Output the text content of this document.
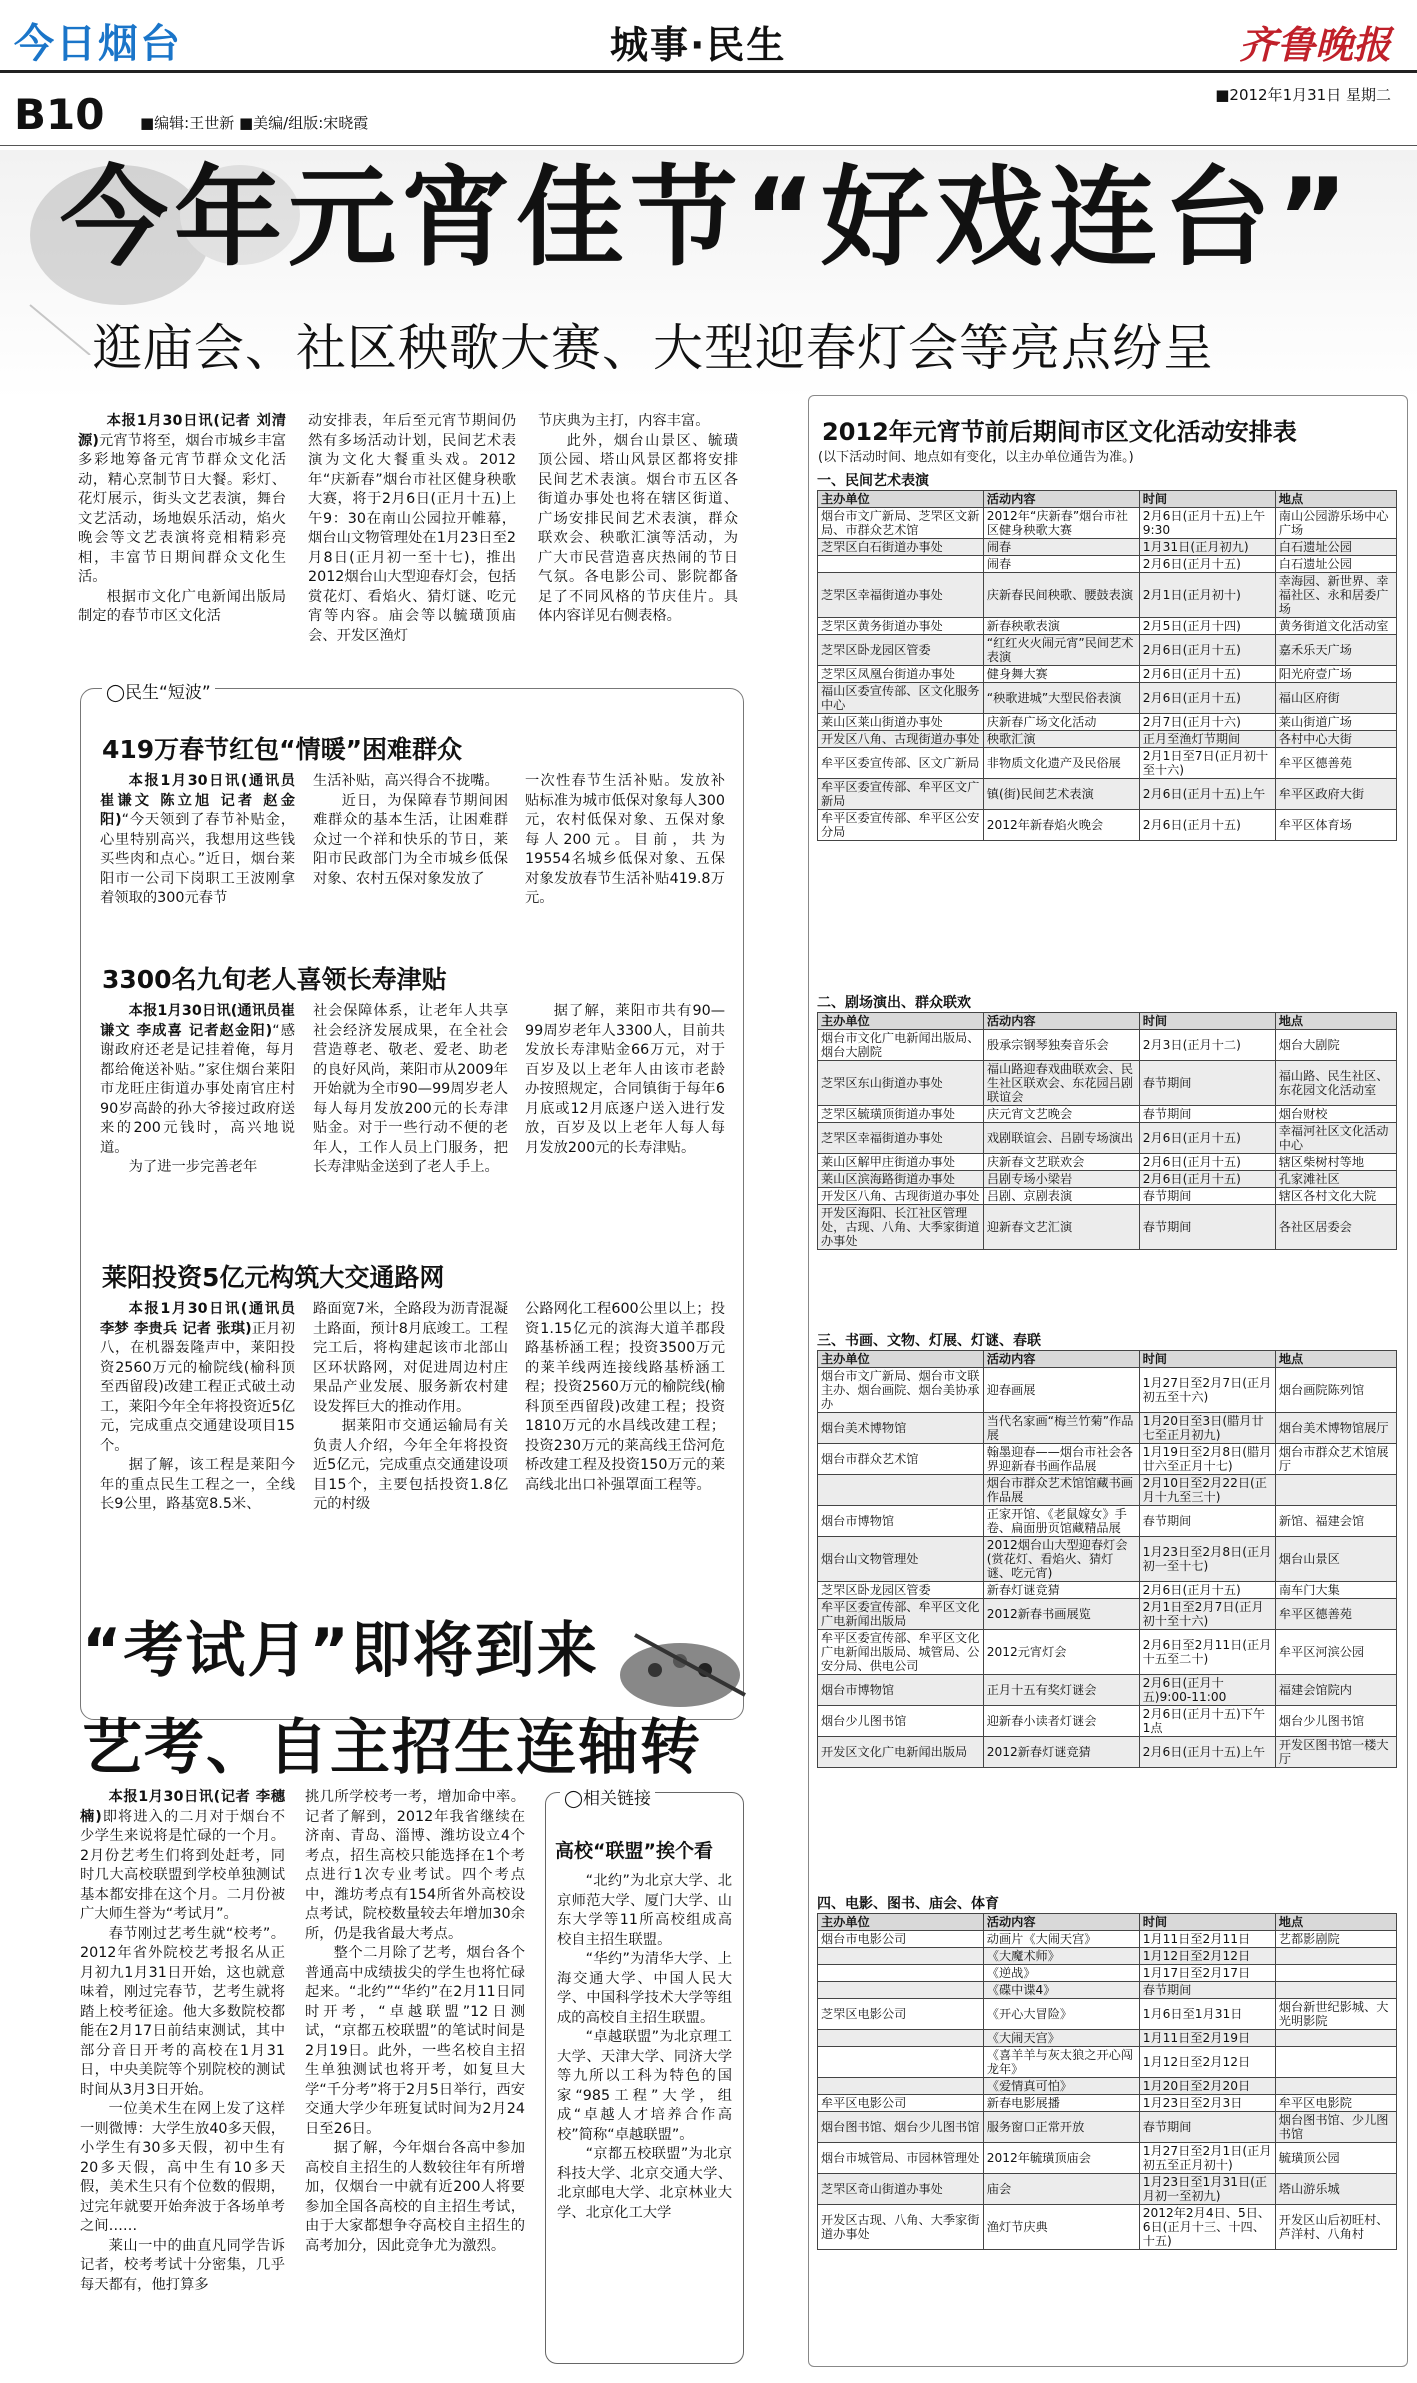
今日烟台	城事·民生	齐鲁晚报
B10 ■编辑:王世新 ■美编/组版:宋晓霞
■2012年1月31日 星期二
今年元宵佳节“好戏连台”
逛庙会、社区秧歌大赛、大型迎春灯会等亮点纷呈

本报1月30日讯(记者 刘清源)元宵节将至，烟台市城乡丰富多彩地筹备元宵节群众文化活动，精心烹制节日大餐。彩灯、花灯展示，街头文艺表演，舞台文艺活动，场地娱乐活动，焰火晚会等文艺表演将竞相精彩亮相，丰富节日期间群众文化生活。

根据市文化广电新闻出版局制定的春节市区文化活

动安排表，年后至元宵节期间仍然有多场活动计划，民间艺术表演为文化大餐重头戏。2012年“庆新春”烟台市社区健身秧歌大赛，将于2月6日(正月十五)上午9：30在南山公园拉开帷幕，烟台山文物管理处在1月23日至2月8日(正月初一至十七)，推出2012烟台山大型迎春灯会，包括赏花灯、看焰火、猜灯谜、吃元宵等内容。庙会等以毓璜顶庙会、开发区渔灯

节庆典为主打，内容丰富。

此外，烟台山景区、毓璜顶公园、塔山风景区都将安排民间艺术表演。烟台市五区各街道办事处也将在辖区街道、广场安排民间艺术表演，群众联欢会、秧歌汇演等活动，为广大市民营造喜庆热闹的节日气氛。各电影公司、影院都备足了不同风格的节庆佳片。具体内容详见右侧表格。

◯民生“短波”
419万春节红包“情暖”困难群众

本报1月30日讯(通讯员 崔谦文 陈立旭 记者 赵金阳)“今天领到了春节补贴金，心里特别高兴，我想用这些钱买些肉和点心。”近日，烟台莱阳市一公司下岗职工王波刚拿着领取的300元春节

生活补贴，高兴得合不拢嘴。

近日，为保障春节期间困难群众的基本生活，让困难群众过一个祥和快乐的节日，莱阳市民政部门为全市城乡低保对象、农村五保对象发放了

一次性春节生活补贴。发放补贴标准为城市低保对象每人300元，农村低保对象、五保对象每人200元。目前，共为19554名城乡低保对象、五保对象发放春节生活补贴419.8万元。

3300名九旬老人喜领长寿津贴

本报1月30日讯(通讯员崔谦文 李成喜 记者赵金阳)“感谢政府还老是记挂着俺，每月都给俺送补贴。”家住烟台莱阳市龙旺庄街道办事处南官庄村90岁高龄的孙大爷接过政府送来的200元钱时，高兴地说道。

为了进一步完善老年

社会保障体系，让老年人共享社会经济发展成果，在全社会营造尊老、敬老、爱老、助老的良好风尚，莱阳市从2009年开始就为全市90—99周岁老人每人每月发放200元的长寿津贴金。对于一些行动不便的老年人，工作人员上门服务，把长寿津贴金送到了老人手上。

据了解，莱阳市共有90—99周岁老年人3300人，目前共发放长寿津贴金66万元，对于百岁及以上老年人由该市老龄办按照规定，合同镇街于每年6月底或12月底逐户送入进行发放，百岁及以上老年人每人每月发放200元的长寿津贴。

莱阳投资5亿元构筑大交通路网

本报1月30日讯(通讯员 李梦 李贵兵 记者 张琪)正月初八，在机器轰隆声中，莱阳投资2560万元的榆院线(榆科顶至西留段)改建工程正式破土动工，莱阳今年全年将投资近5亿元，完成重点交通建设项目15个。

据了解，该工程是莱阳今年的重点民生工程之一，全线长9公里，路基宽8.5米、

路面宽7米，全路段为沥青混凝土路面，预计8月底竣工。工程完工后，将构建起该市北部山区环状路网，对促进周边村庄果品产业发展、服务新农村建设发挥巨大的推动作用。

据莱阳市交通运输局有关负责人介绍，今年全年将投资近5亿元，完成重点交通建设项目15个，主要包括投资1.8亿元的村级

公路网化工程600公里以上；投资1.15亿元的滨海大道羊郡段路基桥涵工程；投资3500万元的莱羊线两连接线路基桥涵工程；投资2560万元的榆院线(榆科顶至西留段)改建工程；投资1810万元的水昌线改建工程；投资230万元的莱高线王岱河危桥改建工程及投资150万元的莱高线北出口补强罩面工程等。

“考试月”即将到来
艺考、自主招生连轴转

本报1月30日讯(记者 李穗楠)即将进入的二月对于烟台不少学生来说将是忙碌的一个月。2月份艺考生们将到处赶考，同时几大高校联盟到学校单独测试基本都安排在这个月。二月份被广大师生誉为“考试月”。

春节刚过艺考生就“校考”。2012年省外院校艺考报名从正月初九1月31日开始，这也就意味着，刚过完春节，艺考生就将踏上校考征途。他大多数院校都能在2月17日前结束测试，其中部分音日开考的高校在1月31日，中央美院等个别院校的测试时间从3月3日开始。

一位美术生在网上发了这样一则微博：大学生放40多天假，小学生有30多天假，初中生有20多天假，高中生有10多天假，美术生只有个位数的假期，过完年就要开始奔波于各场单考之间……

莱山一中的曲直凡同学告诉记者，校考考试十分密集，几乎每天都有，他打算多

挑几所学校考一考，增加命中率。记者了解到，2012年我省继续在济南、青岛、淄博、潍坊设立4个考点，招生高校只能选择在1个考点进行1次专业考试。四个考点中，潍坊考点有154所省外高校设点考试，院校数量较去年增加30余所，仍是我省最大考点。

整个二月除了艺考，烟台各个普通高中成绩拔尖的学生也将忙碌起来。“北约”“华约”在2月11日同时开考，“卓越联盟”12日测试，“京都五校联盟”的笔试时间是2月19日。此外，一些名校自主招生单独测试也将开考，如复旦大学“千分考”将于2月5日举行，西安交通大学少年班复试时间为2月24日至26日。

据了解，今年烟台各高中参加高校自主招生的人数较往年有所增加，仅烟台一中就有近200人将要参加全国各高校的自主招生考试，由于大家都想争夺高校自主招生的高考加分，因此竞争尤为激烈。

◯相关链接
高校“联盟”挨个看

“北约”为北京大学、北京师范大学、厦门大学、山东大学等11所高校组成高校自主招生联盟。

“华约”为清华大学、上海交通大学、中国人民大学、中国科学技术大学等组成的高校自主招生联盟。

“卓越联盟”为北京理工大学、天津大学、同济大学等九所以工科为特色的国家“985工程”大学，组成“卓越人才培养合作高校”简称“卓越联盟”。

“京都五校联盟”为北京科技大学、北京交通大学、北京邮电大学、北京林业大学、北京化工大学

2012年元宵节前后期间市区文化活动安排表
(以下活动时间、地点如有变化，以主办单位通告为准。)
一、民间艺术表演
主办单位	活动内容	时间	地点
烟台市文广新局、芝罘区文新局、市群众艺术馆	2012年“庆新春”烟台市社区健身秧歌大赛	2月6日(正月十五)上午9:30	南山公园游乐场中心广场
芝罘区白石街道办事处	闹春	1月31日(正月初九)	白石遗址公园
	闹春	2月6日(正月十五)	白石遗址公园
芝罘区幸福街道办事处	庆新春民间秧歌、腰鼓表演	2月1日(正月初十)	幸海园、新世界、幸福社区、永和居委广场
芝罘区黄务街道办事处	新春秧歌表演	2月5日(正月十四)	黄务街道文化活动室
芝罘区卧龙园区管委	“红红火火闹元宵”民间艺术表演	2月6日(正月十五)	嘉禾乐天广场
芝罘区凤凰台街道办事处	健身舞大赛	2月6日(正月十五)	阳光府壹广场
福山区委宣传部、区文化服务中心	“秧歌进城”大型民俗表演	2月6日(正月十五)	福山区府街
莱山区莱山街道办事处	庆新春广场文化活动	2月7日(正月十六)	莱山街道广场
开发区八角、古现街道办事处	秧歌汇演	正月至渔灯节期间	各村中心大街
牟平区委宣传部、区文广新局	非物质文化遗产及民俗展	2月1日至7日(正月初十至十六)	牟平区德善苑
牟平区委宣传部、牟平区文广新局	镇(街)民间艺术表演	2月6日(正月十五)上午	牟平区政府大街
牟平区委宣传部、牟平区公安分局	2012年新春焰火晚会	2月6日(正月十五)	牟平区体育场
二、剧场演出、群众联欢
主办单位	活动内容	时间	地点
烟台市文化广电新闻出版局、烟台大剧院	殷承宗钢琴独奏音乐会	2月3日(正月十二)	烟台大剧院
芝罘区东山街道办事处	福山路迎春戏曲联欢会、民生社区联欢会、东花园吕剧联谊会	春节期间	福山路、民生社区、东花园文化活动室
芝罘区毓璜顶街道办事处	庆元宵文艺晚会	春节期间	烟台财校
芝罘区幸福街道办事处	戏剧联谊会、吕剧专场演出	2月6日(正月十五)	幸福河社区文化活动中心
莱山区解甲庄街道办事处	庆新春文艺联欢会	2月6日(正月十五)	辖区柴树村等地
莱山区滨海路街道办事处	吕剧专场小梁岩	2月6日(正月十五)	孔家滩社区
开发区八角、古现街道办事处	吕剧、京剧表演	春节期间	辖区各村文化大院
开发区海阳、长江社区管理处，古现、八角、大季家街道办事处	迎新春文艺汇演	春节期间	各社区居委会
三、书画、文物、灯展、灯谜、春联
主办单位	活动内容	时间	地点
烟台市文广新局、烟台市文联主办、烟台画院、烟台美协承办	迎春画展	1月27日至2月7日(正月初五至十六)	烟台画院陈列馆
烟台美术博物馆	当代名家画“梅兰竹菊”作品展	1月20日至3日(腊月廿七至正月初九)	烟台美术博物馆展厅
烟台市群众艺术馆	翰墨迎春——烟台市社会各界迎新春书画作品展	1月19日至2月8日(腊月廿六至正月十七)	烟台市群众艺术馆展厅
	烟台市群众艺术馆馆藏书画作品展	2月10日至2月22日(正月十九至三十)	
烟台市博物馆	正家开馆、《老鼠嫁女》手卷、扁面册页馆藏精品展	春节期间	新馆、福建会馆
烟台山文物管理处	2012烟台山大型迎春灯会(赏花灯、看焰火、猜灯谜、吃元宵)	1月23日至2月8日(正月初一至十七)	烟台山景区
芝罘区卧龙园区管委	新春灯谜竞猜	2月6日(正月十五)	南车门大集
牟平区委宣传部、牟平区文化广电新闻出版局	2012新春书画展览	2月1日至2月7日(正月初十至十六)	牟平区德善苑
牟平区委宣传部、牟平区文化广电新闻出版局、城管局、公安分局、供电公司	2012元宵灯会	2月6日至2月11日(正月十五至二十)	牟平区河滨公园
烟台市博物馆	正月十五有奖灯谜会	2月6日(正月十五)9:00-11:00	福建会馆院内
烟台少儿图书馆	迎新春小读者灯谜会	2月6日(正月十五)下午1点	烟台少儿图书馆
开发区文化广电新闻出版局	2012新春灯谜竞猜	2月6日(正月十五)上午	开发区图书馆一楼大厅
四、电影、图书、庙会、体育
主办单位	活动内容	时间	地点
烟台市电影公司	动画片《大闹天宫》	1月11日至2月11日	艺都影剧院
	《大魔术师》	1月12日至2月12日	
	《逆战》	1月17日至2月17日	
	《碟中谍4》	春节期间	
芝罘区电影公司	《开心大冒险》	1月6日至1月31日	烟台新世纪影城、大光明影院
	《大闹天宫》	1月11日至2月19日	
	《喜羊羊与灰太狼之开心闯龙年》	1月12日至2月12日	
	《爱情真可怕》	1月20日至2月20日	
牟平区电影公司	新春电影展播	1月23日至2月3日	牟平区电影院
烟台图书馆、烟台少儿图书馆	服务窗口正常开放	春节期间	烟台图书馆、少儿图书馆
烟台市城管局、市园林管理处	2012年毓璜顶庙会	1月27日至2月1日(正月初五至正月初十)	毓璜顶公园
芝罘区奇山街道办事处	庙会	1月23日至1月31日(正月初一至初九)	塔山游乐城
开发区古现、八角、大季家街道办事处	渔灯节庆典	2012年2月4日、5日、6日(正月十三、十四、十五)	开发区山后初旺村、芦洋村、八角村
